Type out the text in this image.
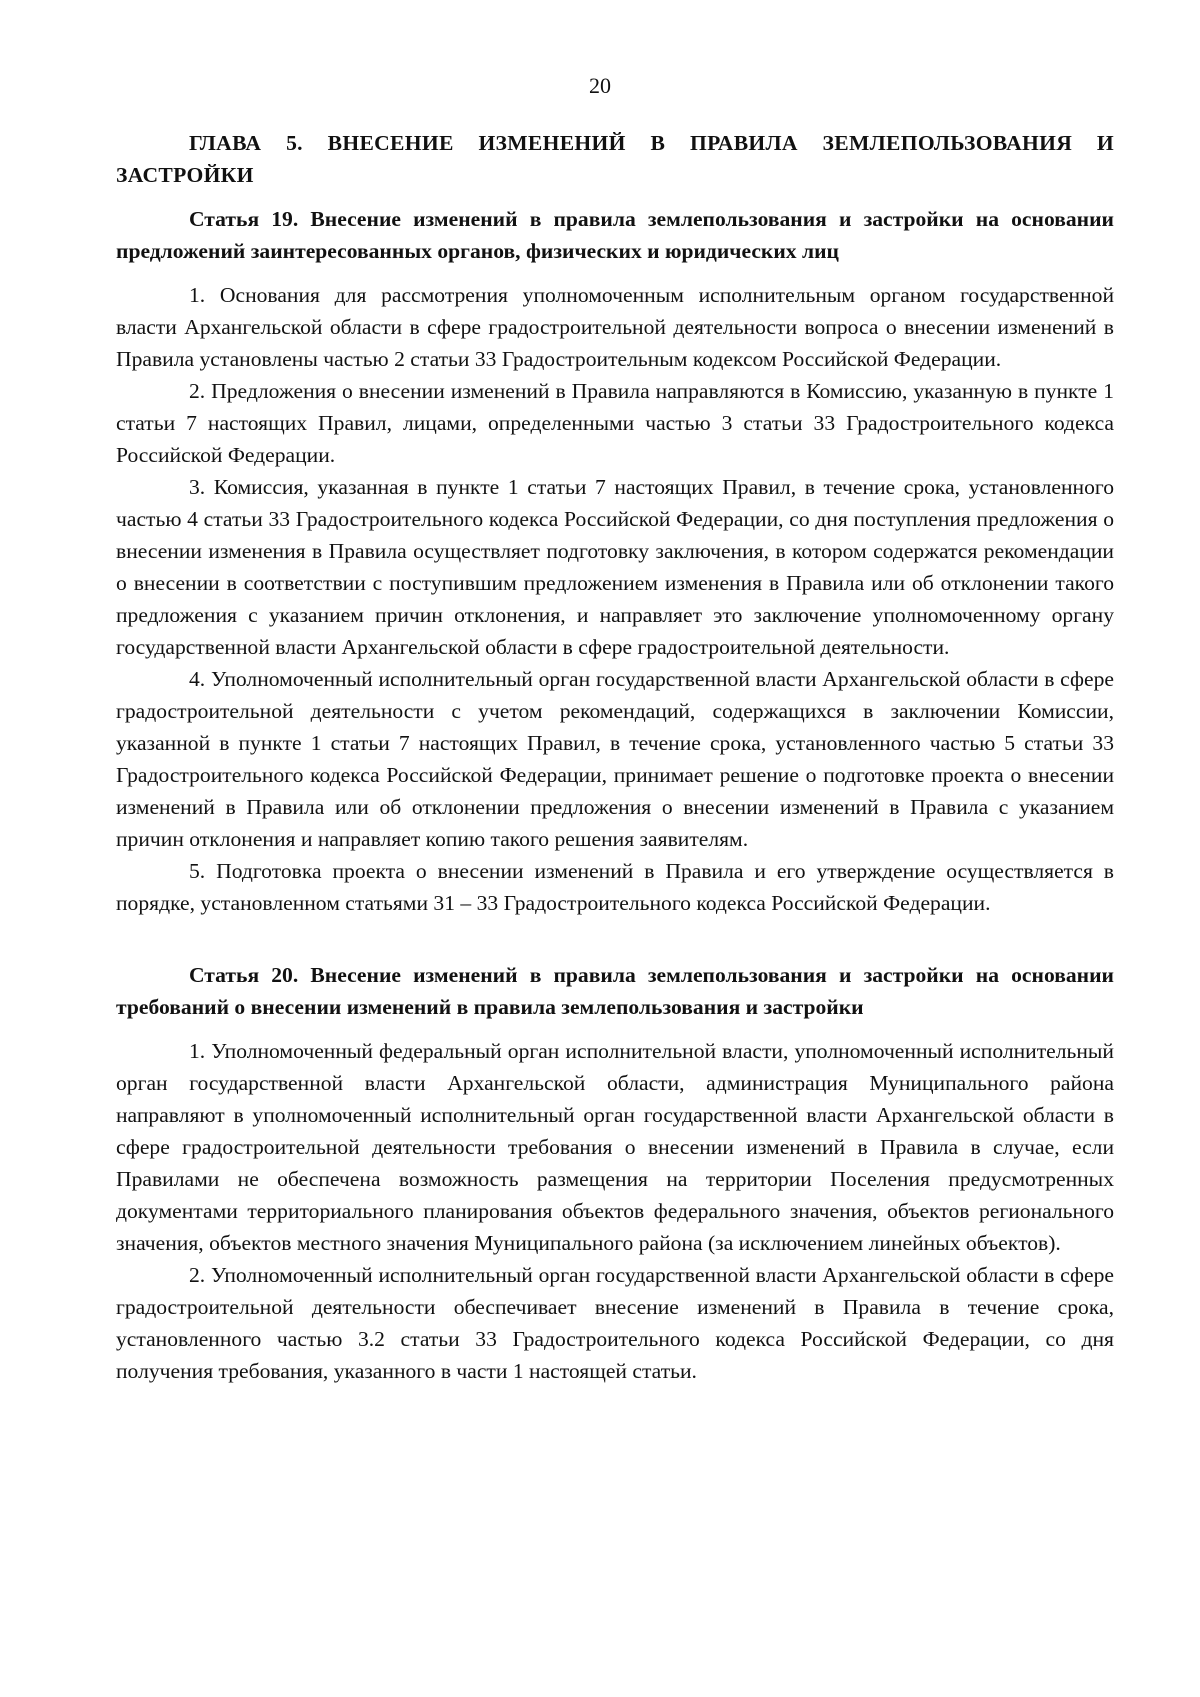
20
ГЛАВА 5. ВНЕСЕНИЕ ИЗМЕНЕНИЙ В ПРАВИЛА ЗЕМЛЕПОЛЬЗОВАНИЯ И ЗАСТРОЙКИ
Статья 19. Внесение изменений в правила землепользования и застройки на основании предложений заинтересованных органов, физических и юридических лиц

1. Основания для рассмотрения уполномоченным исполнительным органом государственной власти Архангельской области в сфере градостроительной деятельности вопроса о внесении изменений в Правила установлены частью 2 статьи 33 Градостроительным кодексом Российской Федерации.

2. Предложения о внесении изменений в Правила направляются в Комиссию, указанную в пункте 1 статьи 7 настоящих Правил, лицами, определенными частью 3 статьи 33 Градостроительного кодекса Российской Федерации.

3. Комиссия, указанная в пункте 1 статьи 7 настоящих Правил, в течение срока, установленного частью 4 статьи 33 Градостроительного кодекса Российской Федерации, со дня поступления предложения о внесении изменения в Правила осуществляет подготовку заключения, в котором содержатся рекомендации о внесении в соответствии с поступившим предложением изменения в Правила или об отклонении такого предложения с указанием причин отклонения, и направляет это заключение уполномоченному органу государственной власти Архангельской области в сфере градостроительной деятельности.

4. Уполномоченный исполнительный орган государственной власти Архангельской области в сфере градостроительной деятельности с учетом рекомендаций, содержащихся в заключении Комиссии, указанной в пункте 1 статьи 7 настоящих Правил, в течение срока, установленного частью 5 статьи 33 Градостроительного кодекса Российской Федерации, принимает решение о подготовке проекта о внесении изменений в Правила или об отклонении предложения о внесении изменений в Правила с указанием причин отклонения и направляет копию такого решения заявителям.

5. Подготовка проекта о внесении изменений в Правила и его утверждение осуществляется в порядке, установленном статьями 31 – 33 Градостроительного кодекса Российской Федерации.

Статья 20. Внесение изменений в правила землепользования и застройки на основании требований о внесении изменений в правила землепользования и застройки

1. Уполномоченный федеральный орган исполнительной власти, уполномоченный исполнительный орган государственной власти Архангельской области, администрация Муниципального района направляют в уполномоченный исполнительный орган государственной власти Архангельской области в сфере градостроительной деятельности требования о внесении изменений в Правила в случае, если Правилами не обеспечена возможность размещения на территории Поселения предусмотренных документами территориального планирования объектов федерального значения, объектов регионального значения, объектов местного значения Муниципального района (за исключением линейных объектов).

2. Уполномоченный исполнительный орган государственной власти Архангельской области в сфере градостроительной деятельности обеспечивает внесение изменений в Правила в течение срока, установленного частью 3.2 статьи 33 Градостроительного кодекса Российской Федерации, со дня получения требования, указанного в части 1 настоящей статьи.
